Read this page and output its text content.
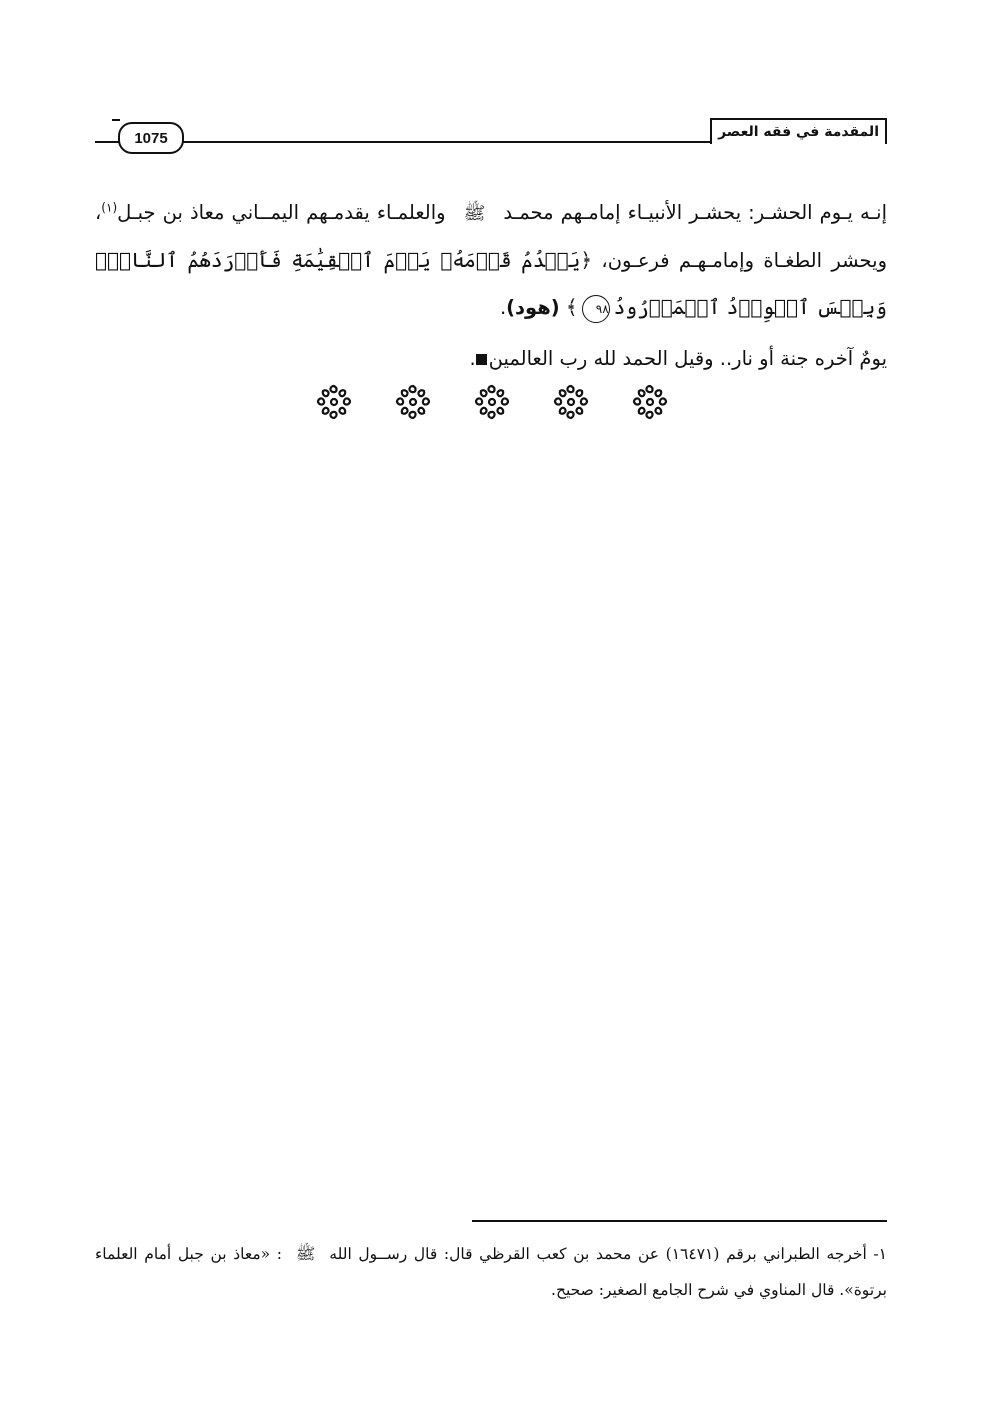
1075	المقدمة في فقه العصر
إنـه يـوم الحشـر: يحشـر الأنبيـاء إمامـهم محمـدﷺوالعلمـاء يقدمـهم اليمــاني معاذ بن جبـل$^{(١)}$، ويحشر الطغـاة وإمامـهـم فرعـون، ﴿يَقۡدُمُ قَوۡمَهُۥ يَوۡمَ ٱلۡقِيَٰمَةِ فَأَوۡرَدَهُمُ ٱلنَّارَۖ وَبِئۡسَ ٱلۡوِرۡدُ ٱلۡمَوۡرُودُ٩٨﴾ (هود).
يومٌ آخره جنة أو نار.. وقيل الحمد لله رب العالمين.
١- أخرجه الطبراني برقم (١٦٤٧١) عن محمد بن كعب القرظي قال: قال رســول اللهﷺ: «معاذ بن جبل أمام العلماء برتوة». قال المناوي في شرح الجامع الصغير: صحيح.
